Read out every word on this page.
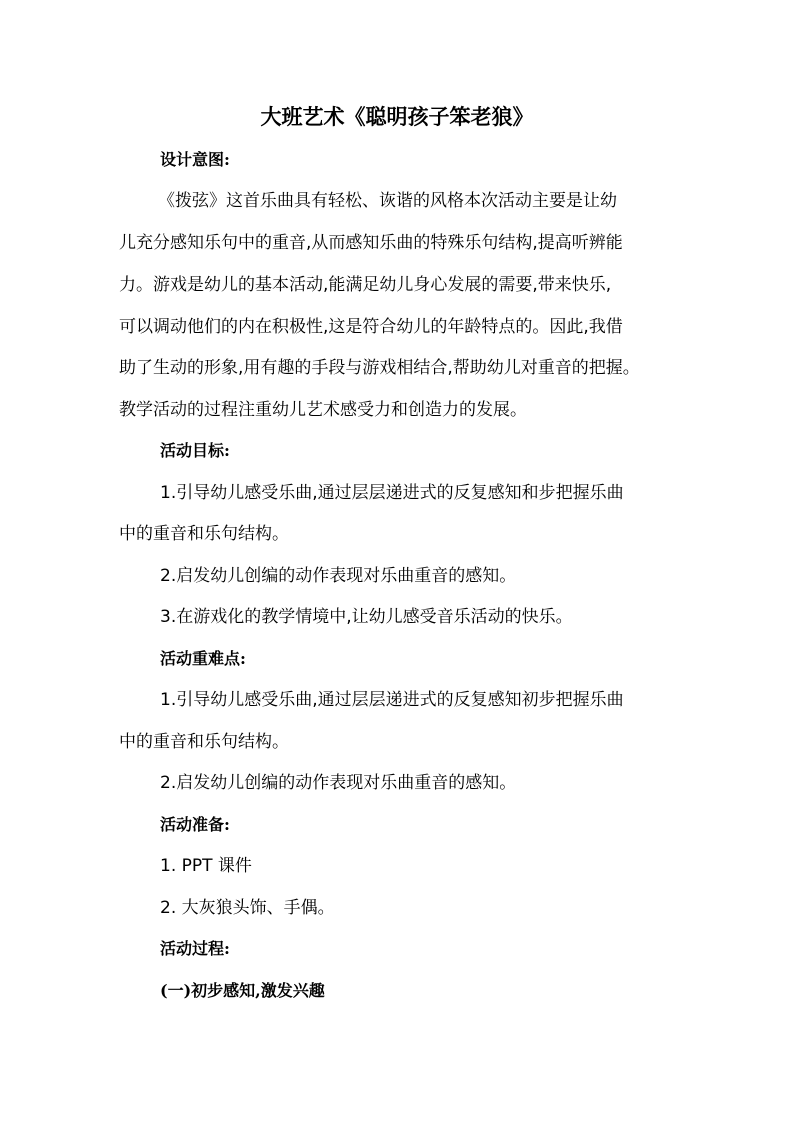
大班艺术《聪明孩子笨老狼》
设计意图:
《拨弦》这首乐曲具有轻松、诙谐的风格本次活动主要是让幼
儿充分感知乐句中的重音,从而感知乐曲的特殊乐句结构,提高听辨能
力。游戏是幼儿的基本活动,能满足幼儿身心发展的需要,带来快乐,
可以调动他们的内在积极性,这是符合幼儿的年龄特点的。因此,我借
助了生动的形象,用有趣的手段与游戏相结合,帮助幼儿对重音的把握。
教学活动的过程注重幼儿艺术感受力和创造力的发展。
活动目标:
1.引导幼儿感受乐曲,通过层层递进式的反复感知和步把握乐曲
中的重音和乐句结构。
2.启发幼儿创编的动作表现对乐曲重音的感知。
3.在游戏化的教学情境中,让幼儿感受音乐活动的快乐。
活动重难点:
1.引导幼儿感受乐曲,通过层层递进式的反复感知初步把握乐曲
中的重音和乐句结构。
2.启发幼儿创编的动作表现对乐曲重音的感知。
活动准备:
1. PPT 课件
2. 大灰狼头饰、手偶。
活动过程:
(一)初步感知,激发兴趣
